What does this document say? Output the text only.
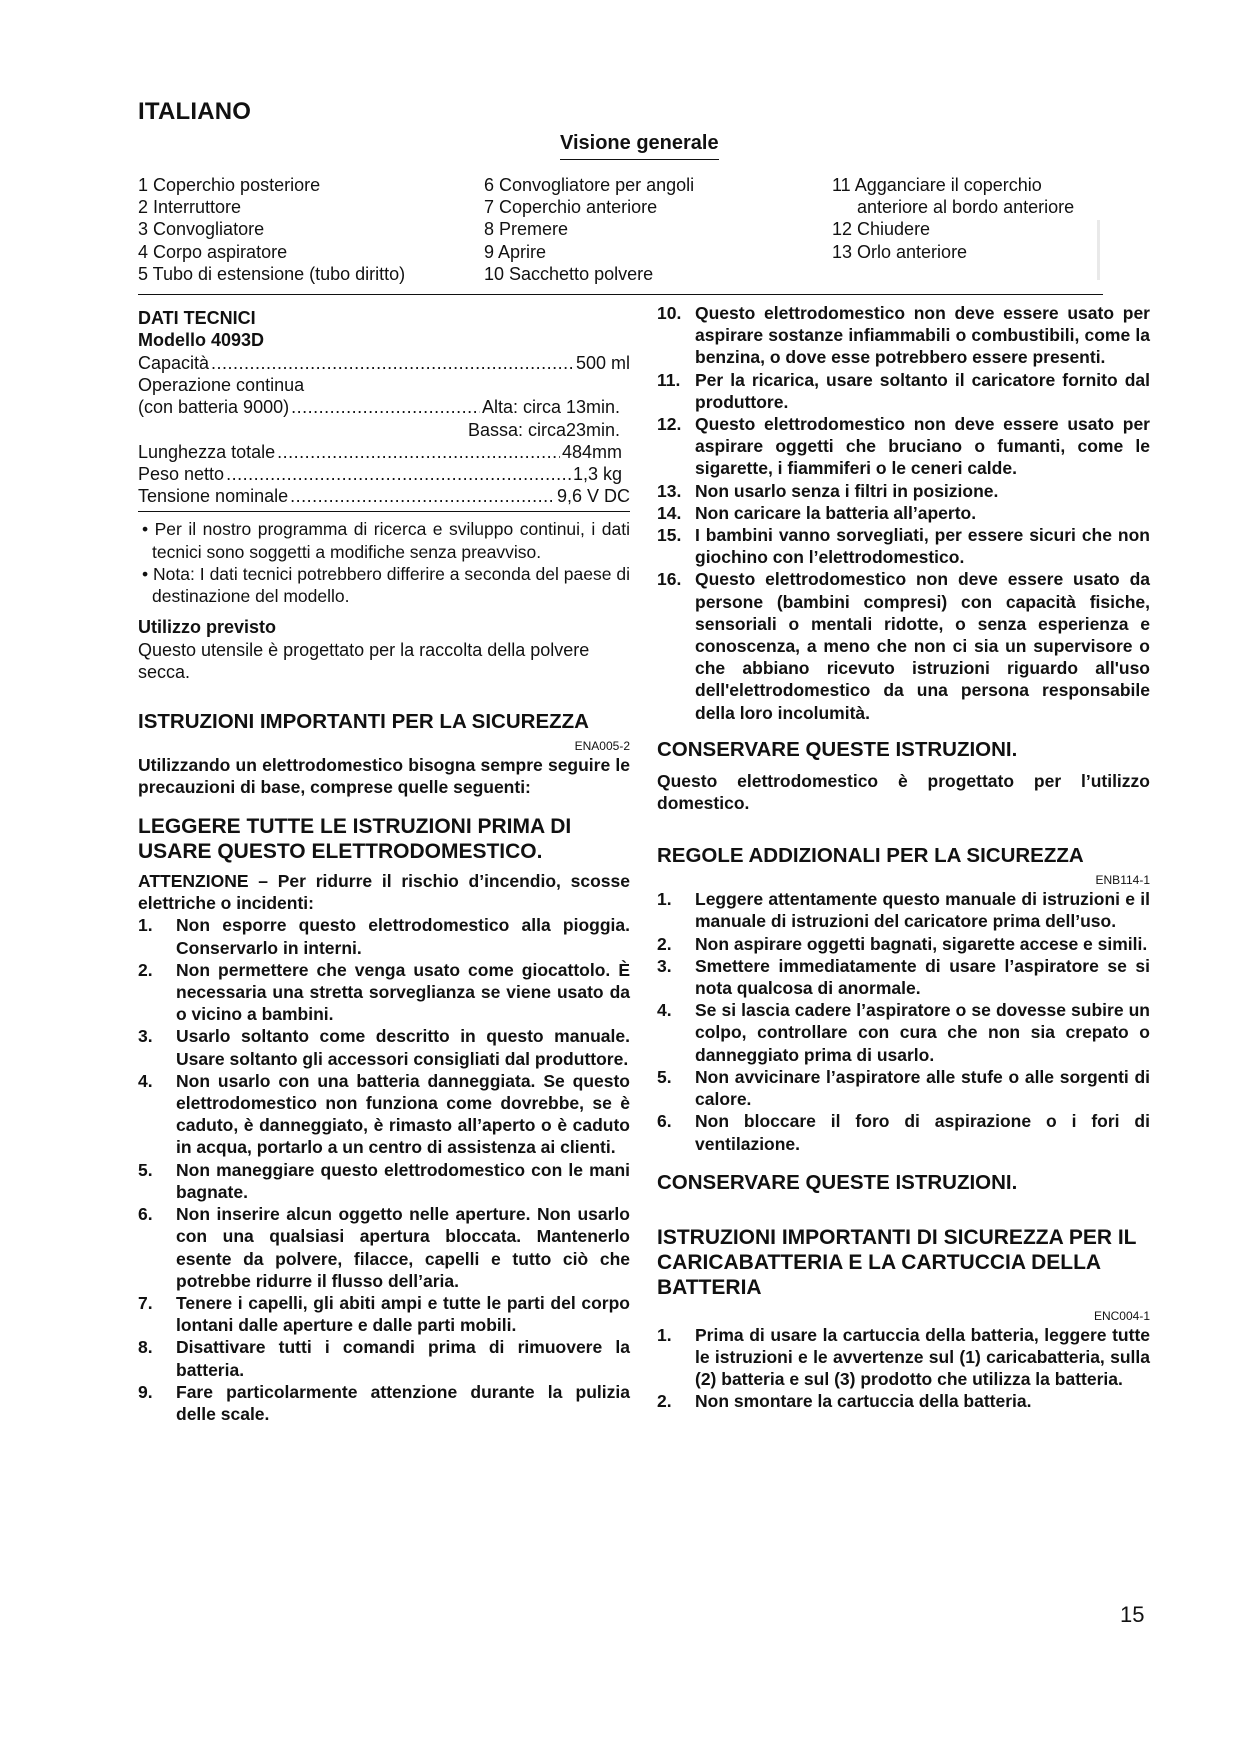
ITALIANO
Visione generale
1 Coperchio posteriore
2 Interruttore
3 Convogliatore
4 Corpo aspiratore
5 Tubo di estensione (tubo diritto)
6 Convogliatore per angoli
7 Coperchio anteriore
8 Premere
9 Aprire
10 Sacchetto polvere
11 Agganciare il coperchio
anteriore al bordo anteriore
12 Chiudere
13 Orlo anteriore
DATI TECNICI
Modello 4093D
Capacità .....	500 ml
Operazione continua
(con batteria 9000) .....	Alta: circa 13min.
Bassa: circa23min.
Lunghezza totale .....	484mm
Peso netto .....	1,3 kg
Tensione nominale .....	9,6 V DC
• Per il nostro programma di ricerca e sviluppo continui, i dati tecnici sono soggetti a modifiche senza preavviso.
• Nota: I dati tecnici potrebbero differire a seconda del paese di destinazione del modello.
Utilizzo previsto
Questo utensile è progettato per la raccolta della polvere secca.
ISTRUZIONI IMPORTANTI PER LA SICUREZZA
ENA005-2
Utilizzando un elettrodomestico bisogna sempre seguire le precauzioni di base, comprese quelle seguenti:
LEGGERE TUTTE LE ISTRUZIONI PRIMA DI USARE QUESTO ELETTRODOMESTICO.
ATTENZIONE – Per ridurre il rischio d’incendio, scosse elettriche o incidenti:
1. Non esporre questo elettrodomestico alla pioggia. Conservarlo in interni.
2. Non permettere che venga usato come giocattolo. È necessaria una stretta sorveglianza se viene usato da o vicino a bambini.
3. Usarlo soltanto come descritto in questo manuale. Usare soltanto gli accessori consigliati dal produttore.
4. Non usarlo con una batteria danneggiata. Se questo elettrodomestico non funziona come dovrebbe, se è caduto, è danneggiato, è rimasto all’aperto o è caduto in acqua, portarlo a un centro di assistenza ai clienti.
5. Non maneggiare questo elettrodomestico con le mani bagnate.
6. Non inserire alcun oggetto nelle aperture. Non usarlo con una qualsiasi apertura bloccata. Mantenerlo esente da polvere, filacce, capelli e tutto ciò che potrebbe ridurre il flusso dell’aria.
7. Tenere i capelli, gli abiti ampi e tutte le parti del corpo lontani dalle aperture e dalle parti mobili.
8. Disattivare tutti i comandi prima di rimuovere la batteria.
9. Fare particolarmente attenzione durante la pulizia delle scale.
10. Questo elettrodomestico non deve essere usato per aspirare sostanze infiammabili o combustibili, come la benzina, o dove esse potrebbero essere presenti.
11. Per la ricarica, usare soltanto il caricatore fornito dal produttore.
12. Questo elettrodomestico non deve essere usato per aspirare oggetti che bruciano o fumanti, come le sigarette, i fiammiferi o le ceneri calde.
13. Non usarlo senza i filtri in posizione.
14. Non caricare la batteria all’aperto.
15. I bambini vanno sorvegliati, per essere sicuri che non giochino con l’elettrodomestico.
16. Questo elettrodomestico non deve essere usato da persone (bambini compresi) con capacità fisiche, sensoriali o mentali ridotte, o senza esperienza e conoscenza, a meno che non ci sia un supervisore o che abbiano ricevuto istruzioni riguardo all'uso dell'elettrodomestico da una persona responsabile della loro incolumità.
CONSERVARE QUESTE ISTRUZIONI.
Questo elettrodomestico è progettato per l’utilizzo domestico.
REGOLE ADDIZIONALI PER LA SICUREZZA
ENB114-1
1. Leggere attentamente questo manuale di istruzioni e il manuale di istruzioni del caricatore prima dell’uso.
2. Non aspirare oggetti bagnati, sigarette accese e simili.
3. Smettere immediatamente di usare l’aspiratore se si nota qualcosa di anormale.
4. Se si lascia cadere l’aspiratore o se dovesse subire un colpo, controllare con cura che non sia crepato o danneggiato prima di usarlo.
5. Non avvicinare l’aspiratore alle stufe o alle sorgenti di calore.
6. Non bloccare il foro di aspirazione o i fori di ventilazione.
CONSERVARE QUESTE ISTRUZIONI.
ISTRUZIONI IMPORTANTI DI SICUREZZA PER IL CARICABATTERIA E LA CARTUCCIA DELLA BATTERIA
ENC004-1
1. Prima di usare la cartuccia della batteria, leggere tutte le istruzioni e le avvertenze sul (1) caricabatteria, sulla (2) batteria e sul (3) prodotto che utilizza la batteria.
2. Non smontare la cartuccia della batteria.
15
